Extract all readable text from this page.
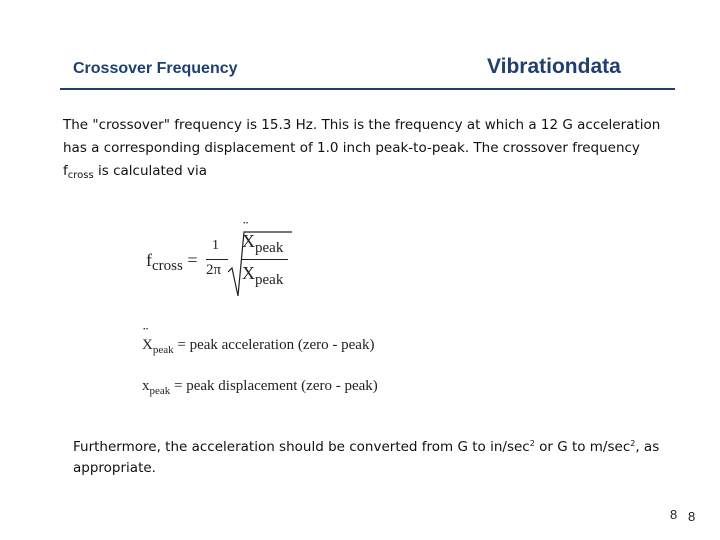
Crossover Frequency	Vibrationdata

The "crossover" frequency is 15.3 Hz. This is the frequency at which a 12 G acceleration

has a corresponding displacement of 1.0 inch peak-to-peak. The crossover frequency

$f_{cross}$ is calculated via

$f_{cross}$ =
1
2π
¨ $X_{peak}$
$X_{peak}$
¨ $X_{peak}$ = peak acceleration (zero - peak)
$x_{peak}$ = peak displacement (zero - peak)
Furthermore, the acceleration should be converted from G to $in/\sec^2$ or G to $m/\sec^2$, as appropriate.
8 8
